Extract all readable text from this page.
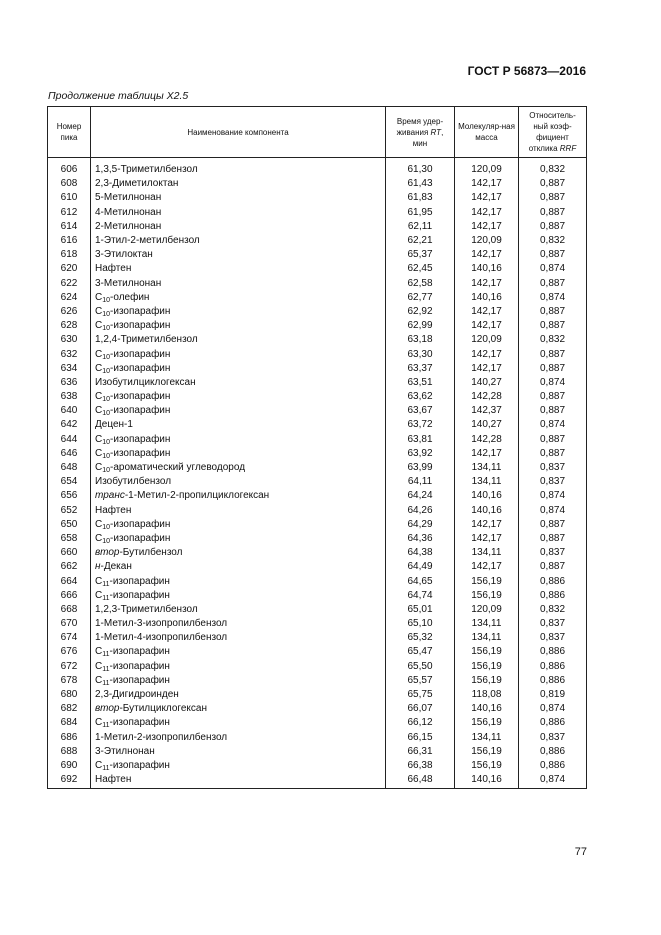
ГОСТ Р 56873—2016
Продолжение таблицы X2.5
Номер пика	Наименование компонента	Время удер-живания RT, мин	Молекуляр-ная масса	Относитель-ный коэф-фициент отклика RRF
606	1,3,5-Триметилбензол	61,30	120,09	0,832
608	2,3-Диметилоктан	61,43	142,17	0,887
610	5-Метилнонан	61,83	142,17	0,887
612	4-Метилнонан	61,95	142,17	0,887
614	2-Метилнонан	62,11	142,17	0,887
616	1-Этил-2-метилбензол	62,21	120,09	0,832
618	3-Этилоктан	65,37	142,17	0,887
620	Нафтен	62,45	140,16	0,874
622	3-Метилнонан	62,58	142,17	0,887
624	$C_{10}$-олефин	62,77	140,16	0,874
626	$C_{10}$-изопарафин	62,92	142,17	0,887
628	$C_{10}$-изопарафин	62,99	142,17	0,887
630	1,2,4-Триметилбензол	63,18	120,09	0,832
632	$C_{10}$-изопарафин	63,30	142,17	0,887
634	$C_{10}$-изопарафин	63,37	142,17	0,887
636	Изобутилциклогексан	63,51	140,27	0,874
638	$C_{10}$-изопарафин	63,62	142,28	0,887
640	$C_{10}$-изопарафин	63,67	142,37	0,887
642	Децен-1	63,72	140,27	0,874
644	$C_{10}$-изопарафин	63,81	142,28	0,887
646	$C_{10}$-изопарафин	63,92	142,17	0,887
648	$C_{10}$-ароматический углеводород	63,99	134,11	0,837
654	Изобутилбензол	64,11	134,11	0,837
656	транс-1-Метил-2-пропилциклогексан	64,24	140,16	0,874
652	Нафтен	64,26	140,16	0,874
650	$C_{10}$-изопарафин	64,29	142,17	0,887
658	$C_{10}$-изопарафин	64,36	142,17	0,887
660	втор-Бутилбензол	64,38	134,11	0,837
662	н-Декан	64,49	142,17	0,887
664	$C_{11}$-изопарафин	64,65	156,19	0,886
666	$C_{11}$-изопарафин	64,74	156,19	0,886
668	1,2,3-Триметилбензол	65,01	120,09	0,832
670	1-Метил-3-изопропилбензол	65,10	134,11	0,837
674	1-Метил-4-изопропилбензол	65,32	134,11	0,837
676	$C_{11}$-изопарафин	65,47	156,19	0,886
672	$C_{11}$-изопарафин	65,50	156,19	0,886
678	$C_{11}$-изопарафин	65,57	156,19	0,886
680	2,3-Дигидроинден	65,75	118,08	0,819
682	втор-Бутилциклогексан	66,07	140,16	0,874
684	$C_{11}$-изопарафин	66,12	156,19	0,886
686	1-Метил-2-изопропилбензол	66,15	134,11	0,837
688	3-Этилнонан	66,31	156,19	0,886
690	$C_{11}$-изопарафин	66,38	156,19	0,886
692	Нафтен	66,48	140,16	0,874
77
